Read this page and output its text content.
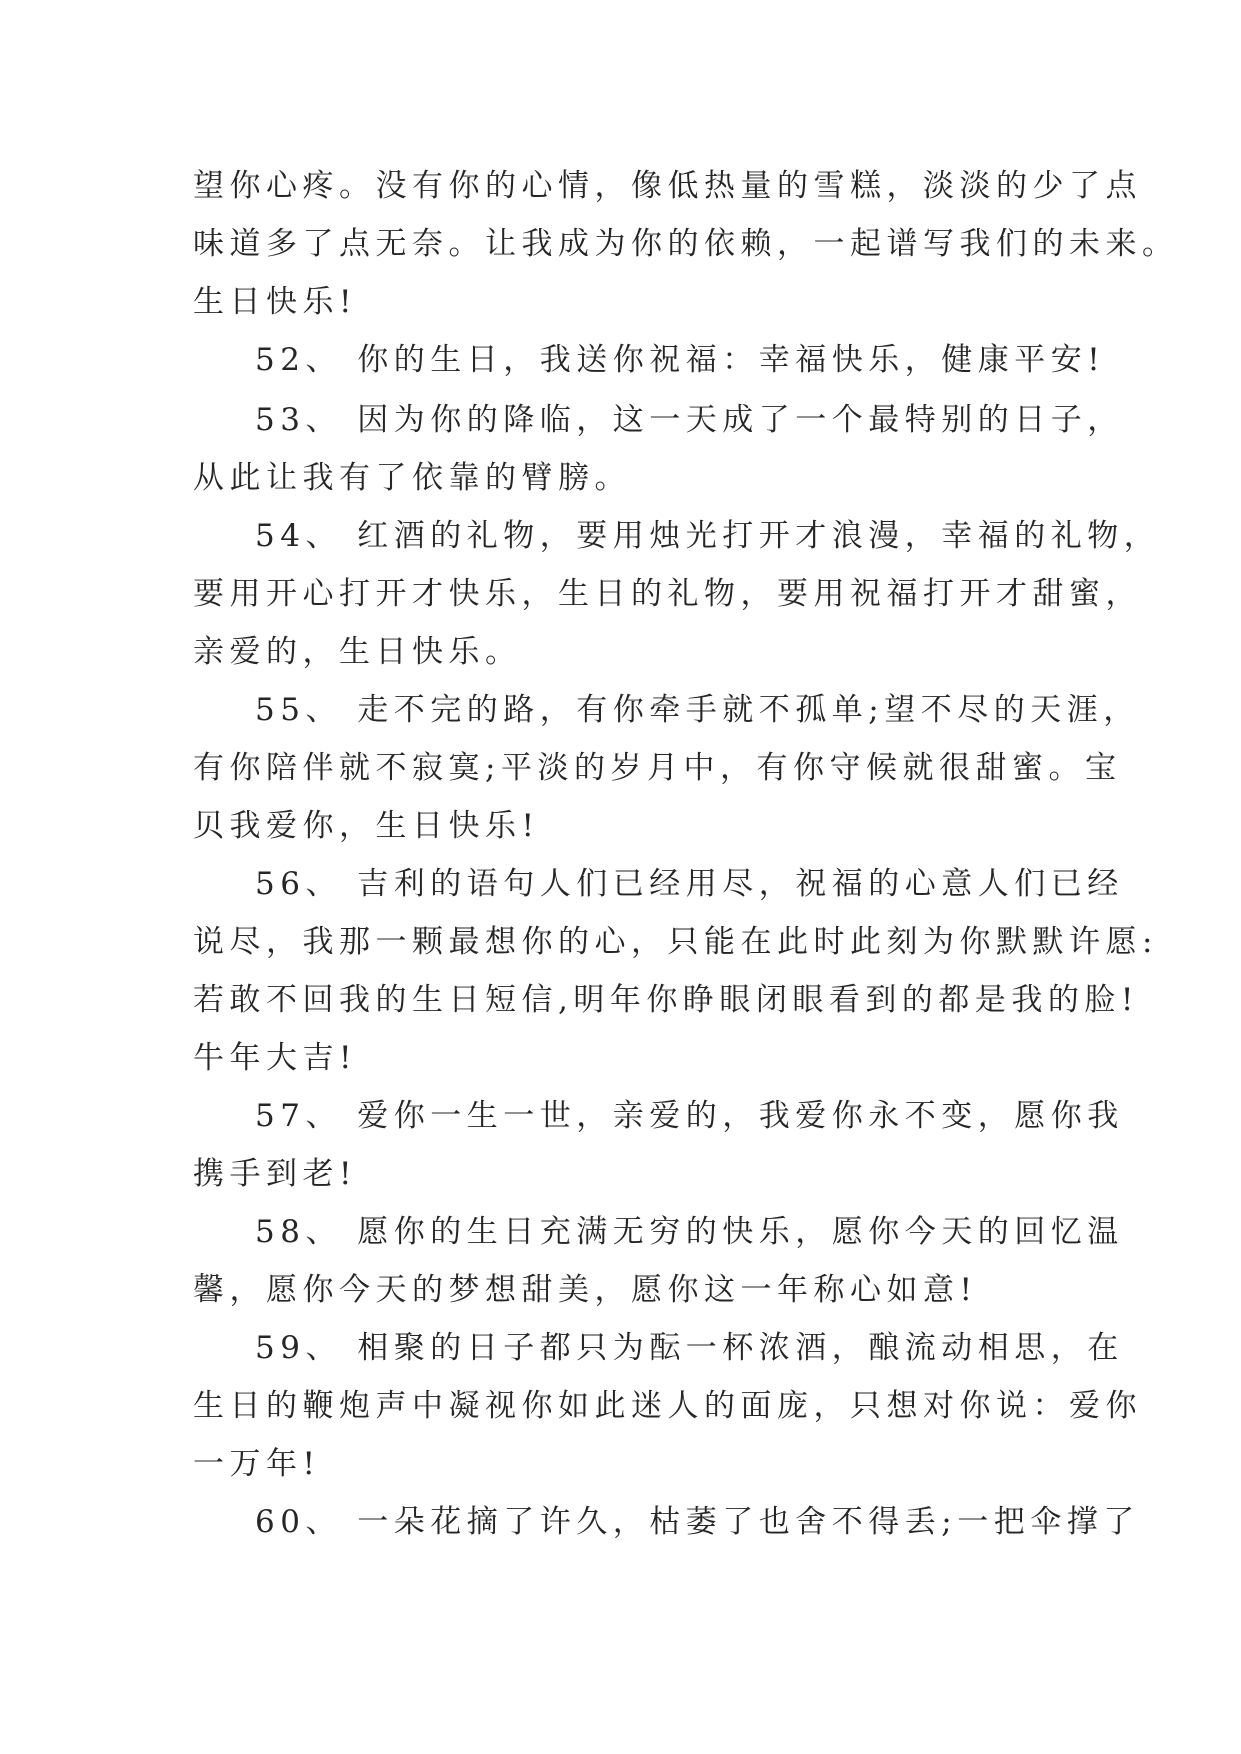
望你心疼。没有你的心情，像低热量的雪糕，淡淡的少了点

味道多了点无奈。让我成为你的依赖，一起谱写我们的未来。

生日快乐!

52、 你的生日，我送你祝福：幸福快乐，健康平安!

53、 因为你的降临，这一天成了一个最特别的日子，

从此让我有了依靠的臂膀。

54、 红酒的礼物，要用烛光打开才浪漫，幸福的礼物，

要用开心打开才快乐，生日的礼物，要用祝福打开才甜蜜，

亲爱的，生日快乐。

55、 走不完的路，有你牵手就不孤单;望不尽的天涯，

有你陪伴就不寂寞;平淡的岁月中，有你守候就很甜蜜。宝

贝我爱你，生日快乐!

56、 吉利的语句人们已经用尽，祝福的心意人们已经

说尽，我那一颗最想你的心，只能在此时此刻为你默默许愿:

若敢不回我的生日短信,明年你睁眼闭眼看到的都是我的脸!

牛年大吉!

57、 爱你一生一世，亲爱的，我爱你永不变，愿你我

携手到老!

58、 愿你的生日充满无穷的快乐，愿你今天的回忆温

馨，愿你今天的梦想甜美，愿你这一年称心如意!

59、 相聚的日子都只为酝一杯浓酒，酿流动相思，在

生日的鞭炮声中凝视你如此迷人的面庞，只想对你说：爱你

一万年!

60、 一朵花摘了许久，枯萎了也舍不得丢;一把伞撑了
